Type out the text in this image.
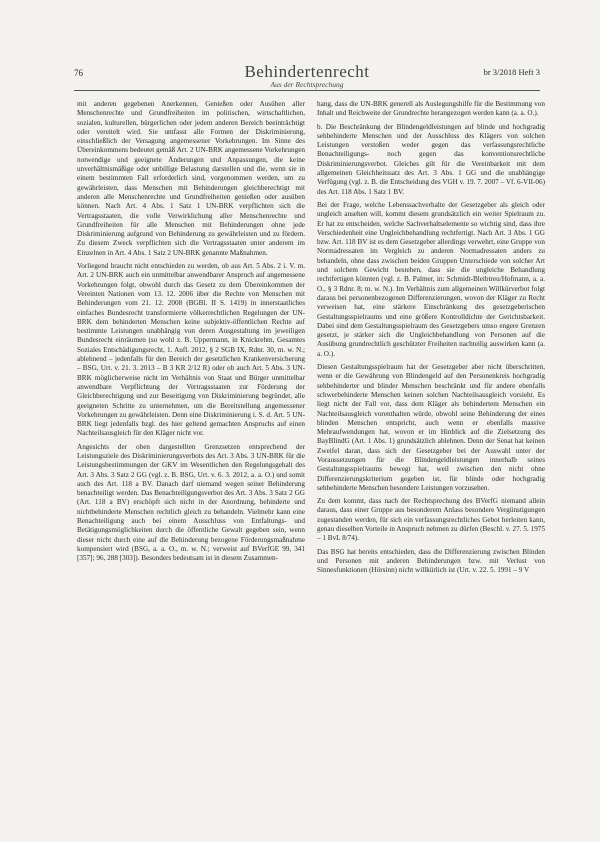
76	Behindertenrecht	br 3/2018 Heft 3
Aus der Rechtsprechung

mit anderen gegebenen Anerkennen, Genießen oder Ausüben aller Menschenrechte und Grundfreiheiten im politischen, wirtschaftlichen, sozialen, kulturellen, bürgerlichen oder jedem anderen Bereich beeinträchtigt oder vereitelt wird. Sie umfasst alle Formen der Diskriminierung, einschließlich der Versagung angemessener Vorkehrungen. Im Sinne des Übereinkommens bedeutet gemäß Art. 2 UN-BRK angemessene Vorkehrungen notwendige und geeignete Änderungen und Anpassungen, die keine unverhältnismäßige oder unbillige Belastung darstellen und die, wenn sie in einem bestimmten Fall erforderlich sind, vorgenommen werden, um zu gewährleisten, dass Menschen mit Behinderungen gleichberechtigt mit anderen alle Menschenrechte und Grundfreiheiten genießen oder ausüben können. Nach Art. 4 Abs. 1 Satz 1 UN-BRK verpflichten sich die Vertragsstaaten, die volle Verwirklichung aller Menschenrechte und Grundfreiheiten für alle Menschen mit Behinderungen ohne jede Diskriminierung aufgrund von Behinderung zu gewährleisten und zu fördern. Zu diesem Zweck verpflichten sich die Vertragsstaaten unter anderem im Einzelnen in Art. 4 Abs. 1 Satz 2 UN-BRK genannte Maßnahmen.

Vorliegend braucht nicht entschieden zu werden, ob aus Art. 5 Abs. 2 i. V. m. Art. 2 UN-BRK auch ein unmittelbar anwendbarer Anspruch auf angemessene Vorkehrungen folgt, obwohl durch das Gesetz zu dem Übereinkommen der Vereinten Nationen vom 13. 12. 2006 über die Rechte von Menschen mit Behinderungen vom 21. 12. 2008 (BGBl. II S. 1419) in innerstaatliches einfaches Bundesrecht transformierte völkerrechtlichen Regelungen der UN-BRK dem behinderten Menschen keine subjektiv-öffentlichen Rechte auf bestimmte Leistungen unabhängig von deren Ausgestaltung im jeweiligen Bundesrecht einräumen (so wohl z. B. Uppermann, in Knickrehm, Gesamtes Soziales Entschädigungsrecht, 1. Aufl. 2012, § 2 SGB IX, Rdnr. 30, m. w. N.; ablehnend – jedenfalls für den Bereich der gesetzlichen Krankenversicherung – BSG, Urt. v. 21. 3. 2013 – B 3 KR 2/12 R) oder ob auch Art. 5 Abs. 3 UN-BRK möglicherweise nicht im Verhältnis von Staat und Bürger unmittelbar anwendbare Verpflichtung der Vertragsstaaten zur Förderung der Gleichberechtigung und zur Beseitigung von Diskriminierung begründet, alle geeigneten Schritte zu unternehmen, um die Bereitstellung angemessener Vorkehrungen zu gewährleisten. Denn eine Diskriminierung i. S. d. Art. 5 UN-BRK liegt jedenfalls bzgl. des hier geltend gemachten Anspruchs auf einen Nachteilsausgleich für den Kläger nicht vor.

Angesichts der oben dargestellten Grenzsetzen entsprechend der Leistungsziele des Diskriminierungsverbots des Art. 3 Abs. 3 UN-BRK für die Leistungsbestimmungen der GKV im Wesentlichen den Regelungsgehalt des Art. 3 Abs. 3 Satz 2 GG (vgl. z. B. BSG, Urt. v. 6. 3. 2012, a. a. O.) und somit auch des Art. 118 a BV. Danach darf niemand wegen seiner Behinderung benachteiligt werden. Das Benachteiligungsverbot des Art. 3 Abs. 3 Satz 2 GG (Art. 118 a BV) erschöpft sich nicht in der Anordnung, behinderte und nichtbehinderte Menschen rechtlich gleich zu behandeln. Vielmehr kann eine Benachteiligung auch bei einem Ausschluss von Entfaltungs- und Betätigungsmöglichkeiten durch die öffentliche Gewalt gegeben sein, wenn dieser nicht durch eine auf die Behinderung bezogene Förderungsmaßnahme kompensiert wird (BSG, a. a. O., m. w. N.; verweist auf BVerfGE 99, 341 [357]; 96, 288 [303]). Besonders bedeutsam ist in diesem Zusammen-

hang, dass die UN-BRK generell als Auslegungshilfe für die Bestimmung von Inhalt und Reichweite der Grundrechte herangezogen werden kann (a. a. O.).

b. Die Beschränkung der Blindengeldleistungen auf blinde und hochgradig sehbehinderte Menschen und der Ausschluss des Klägers von solchen Leistungen verstoßen weder gegen das verfassungsrechtliche Benachteiligungs- noch gegen das konventionsrechtliche Diskriminierungsverbot. Gleiches gilt für die Vereinbarkeit mit dem allgemeinen Gleichheitssatz des Art. 3 Abs. 1 GG und die unabhängige Verfügung (vgl. z. B. die Entscheidung des VGH v. 19. 7. 2007 – Vf. 6-VII-06) des Art. 118 Abs. 1 Satz 1 BV.

Bei der Frage, welche Lebenssachverhalte der Gesetzgeber als gleich oder ungleich ansehen will, kommt diesem grundsätzlich ein weiter Spielraum zu. Er hat zu entscheiden, welche Sachverhaltselemente so wichtig sind, dass ihre Verschiedenheit eine Ungleichbehandlung rechtfertigt. Nach Art. 3 Abs. 1 GG bzw. Art. 118 BV ist es dem Gesetzgeber allerdings verwehrt, eine Gruppe von Normadressaten im Vergleich zu anderen Normadressaten anders zu behandeln, ohne dass zwischen beiden Gruppen Unterschiede von solcher Art und solchem Gewicht bestehen, dass sie die ungleiche Behandlung rechtfertigen könnten (vgl. z. B. Palmer, in: Schmidt-Bleibtreu/Hofmann, a. a. O., § 3 Rdnr. 8; m. w. N.). Im Verhältnis zum allgemeinen Willkürverbot folgt daraus bei personenbezogenen Differenzierungen, wovon der Kläger zu Recht verweisen hat, eine stärkere Einschränkung des gesetzgeberischen Gestaltungsspielraums und eine größere Kontrolldichte der Gerichtsbarkeit. Dabei sind dem Gestaltungsspielraum des Gesetzgebers umso engere Grenzen gesetzt, je stärker sich die Ungleichbehandlung von Personen auf die Ausübung grundrechtlich geschützter Freiheiten nachteilig auswirken kann (a. a. O.).

Diesen Gestaltungsspielraum hat der Gesetzgeber aber nicht überschritten, wenn er die Gewährung von Blindengeld auf den Personenkreis hochgradig sehbehinderter und blinder Menschen beschränkt und für andere ebenfalls schwerbehinderte Menschen keinen solchen Nachteilsausgleich vorsieht. Es liegt nicht der Fall vor, dass dem Kläger als behindertem Menschen ein Nachteilsausgleich vorenthalten würde, obwohl seine Behinderung der eines blinden Menschen entspricht, auch wenn er ebenfalls massive Mehraufwendungen hat, wovon er im Hinblick auf die Zielsetzung des BayBlindG (Art. 1 Abs. 1) grundsätzlich ablehnen. Denn der Senat hat keinen Zweifel daran, dass sich der Gesetzgeber bei der Auswahl unter der Voraussetzungen für die Blindengeldleistungen innerhalb seines Gestaltungsspielraums bewegt hat, weil zwischen den nicht ohne Differenzierungskriterium gegeben ist, für blinde oder hochgradig sehbehinderte Menschen besondere Leistungen vorzusehen.

Zu dem kommt, dass nach der Rechtsprechung des BVerfG niemand allein daraus, dass einer Gruppe aus besonderem Anlass besondere Vergünstigungen zugestanden werden, für sich ein verfassungsrechtliches Gebot herleiten kann, genau dieselben Vorteile in Anspruch nehmen zu dürfen (Beschl. v. 27. 5. 1975 – 1 BvL 8/74).

Das BSG hat bereits entschieden, dass die Differenzierung zwischen Blinden und Personen mit anderen Behinderungen bzw. mit Verlust von Sinnesfunktionen (Hörsinn) nicht willkürlich ist (Urt. v. 22. 5. 1991 – 9 V
